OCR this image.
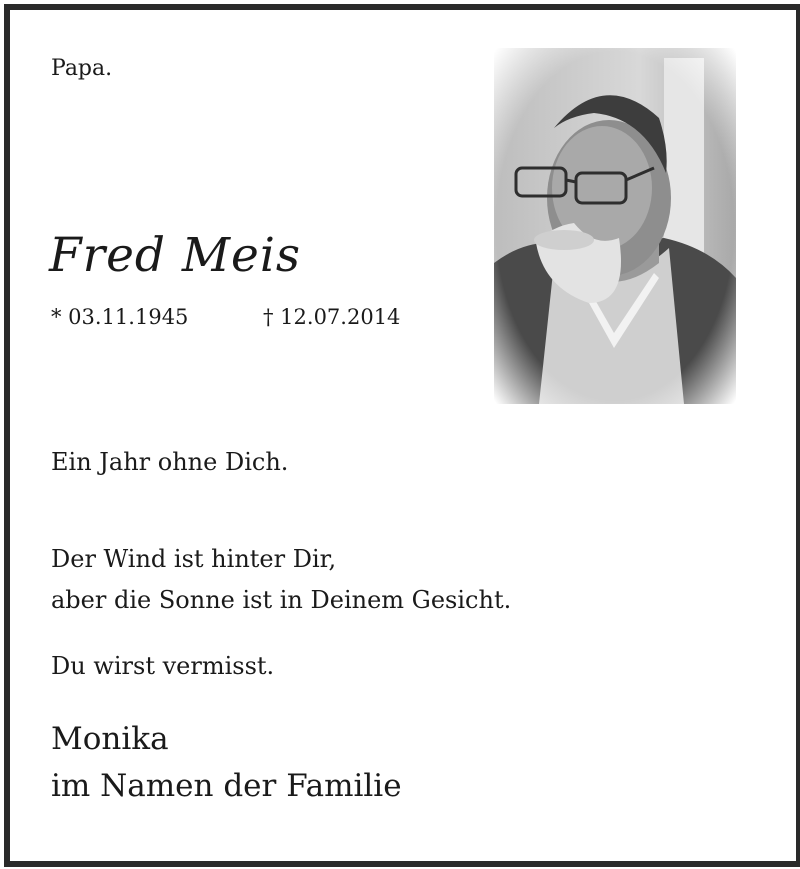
Papa.
Fred Meis
* 03.11.1945	† 12.07.2014
Ein Jahr ohne Dich.
Der Wind ist hinter Dir,
aber die Sonne ist in Deinem Gesicht.
Du wirst vermisst.
Monika
im Namen der Familie
